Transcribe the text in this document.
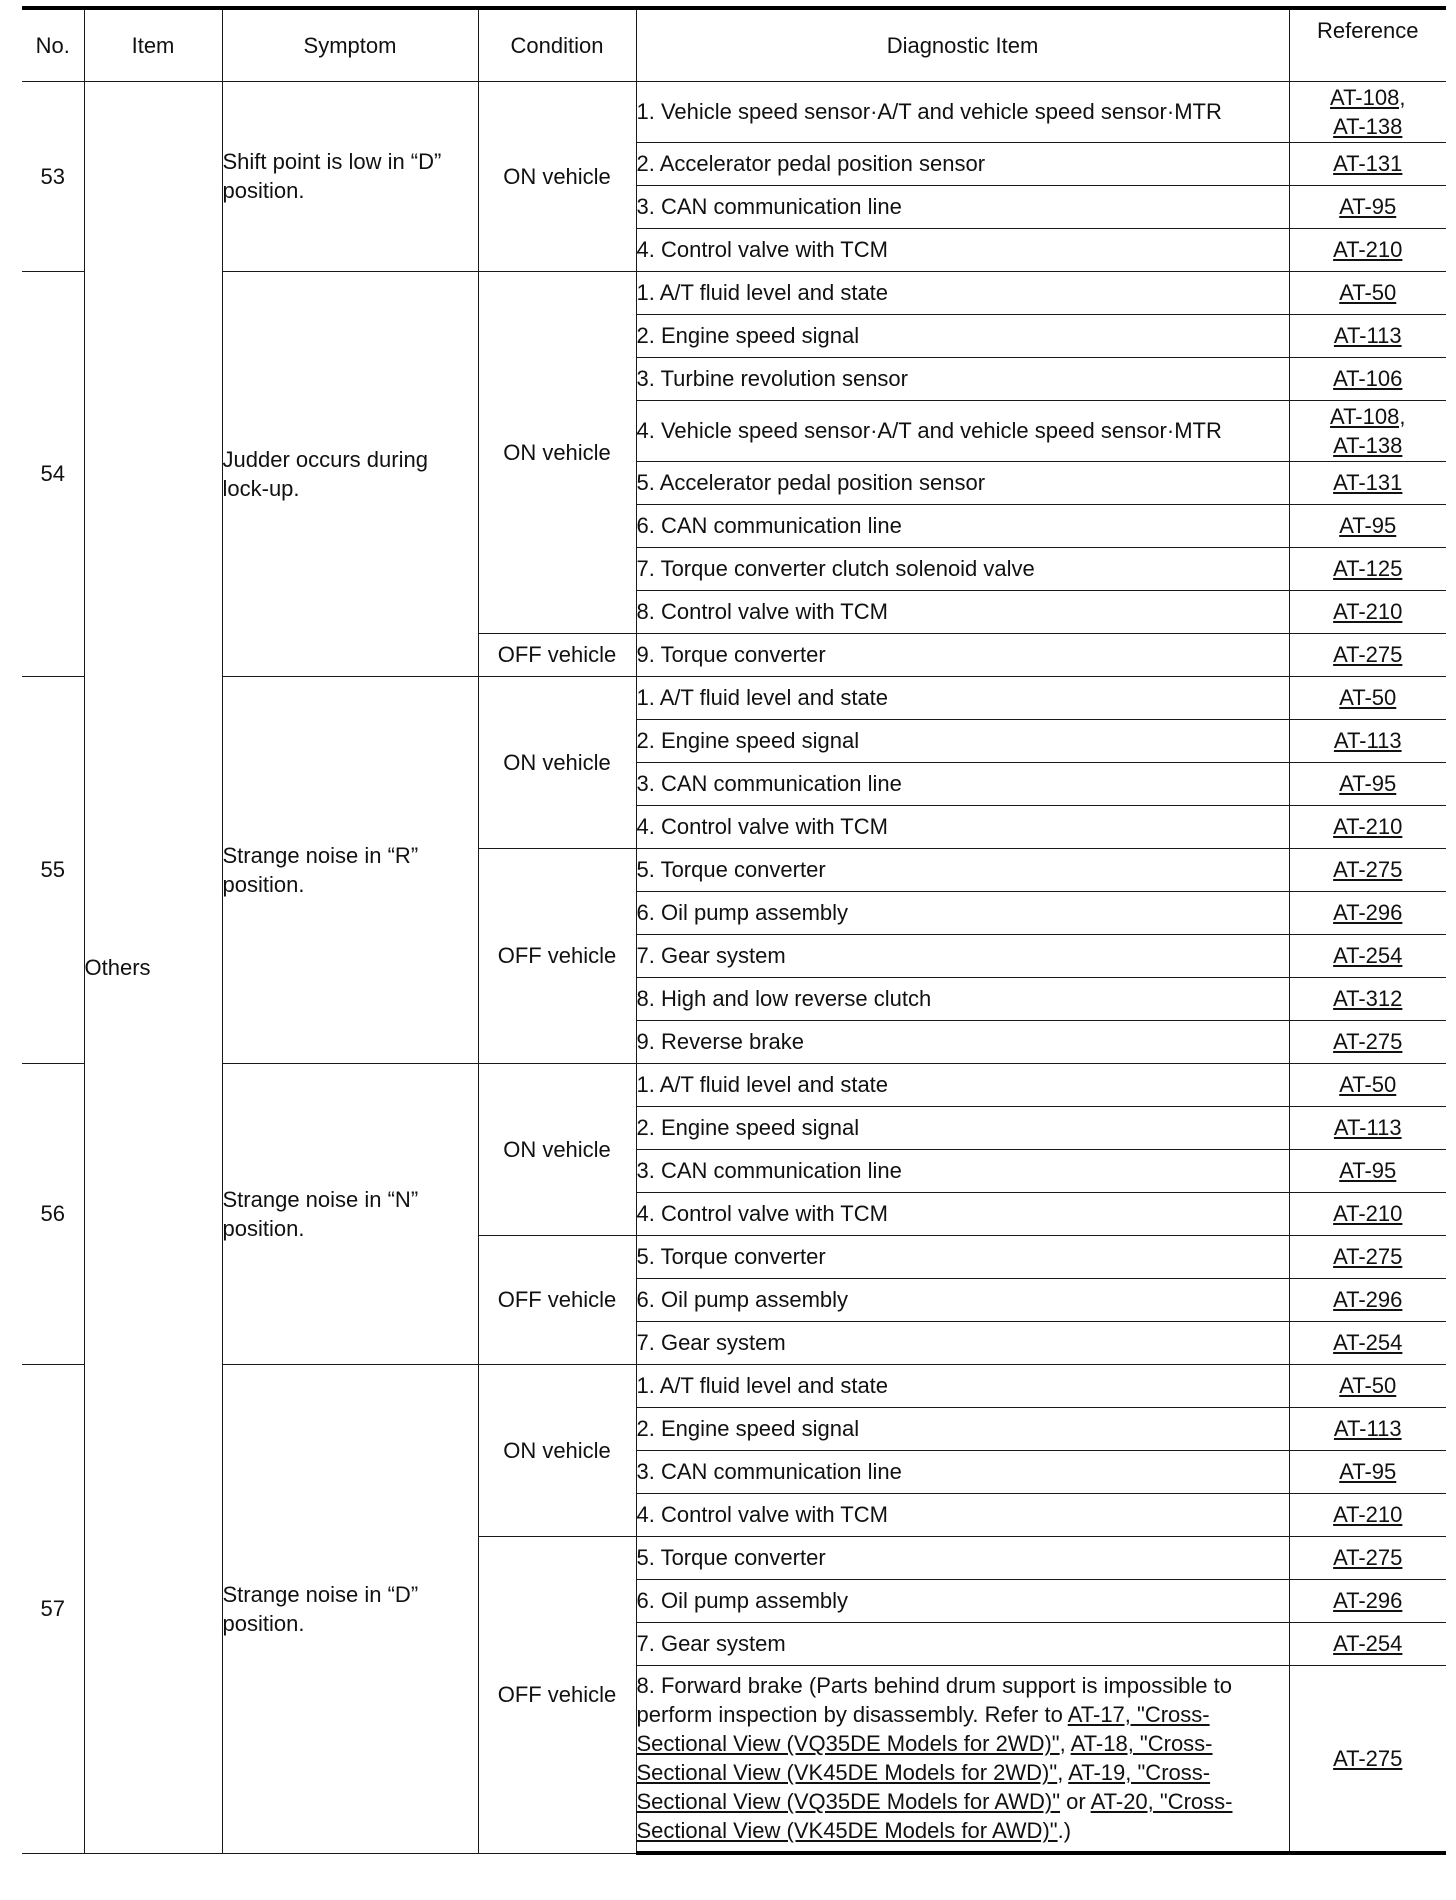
No.	Item	Symptom	Condition	Diagnostic Item	Reference
53	Others	Shift point is low in “D” position.	ON vehicle	1. Vehicle speed sensor·A/T and vehicle speed sensor·MTR	AT-108,
AT-138

				2. Accelerator pedal position sensor	AT-131

				3. CAN communication line	AT-95

				4. Control valve with TCM	AT-210

54		Judder occurs during lock-up.	ON vehicle	1. A/T fluid level and state	AT-50

				2. Engine speed signal	AT-113

				3. Turbine revolution sensor	AT-106

				4. Vehicle speed sensor·A/T and vehicle speed sensor·MTR	AT-108,
AT-138

				5. Accelerator pedal position sensor	AT-131

				6. CAN communication line	AT-95

				7. Torque converter clutch solenoid valve	AT-125

				8. Control valve with TCM	AT-210

			OFF vehicle	9. Torque converter	AT-275

55		Strange noise in “R” position.	ON vehicle	1. A/T fluid level and state	AT-50

				2. Engine speed signal	AT-113

				3. CAN communication line	AT-95

				4. Control valve with TCM	AT-210

			OFF vehicle	5. Torque converter	AT-275

				6. Oil pump assembly	AT-296

				7. Gear system	AT-254

				8. High and low reverse clutch	AT-312

				9. Reverse brake	AT-275

56		Strange noise in “N” position.	ON vehicle	1. A/T fluid level and state	AT-50

				2. Engine speed signal	AT-113

				3. CAN communication line	AT-95

				4. Control valve with TCM	AT-210

			OFF vehicle	5. Torque converter	AT-275

				6. Oil pump assembly	AT-296

				7. Gear system	AT-254

57		Strange noise in “D” position.	ON vehicle	1. A/T fluid level and state	AT-50

				2. Engine speed signal	AT-113

				3. CAN communication line	AT-95

				4. Control valve with TCM	AT-210

			OFF vehicle	5. Torque converter	AT-275

				6. Oil pump assembly	AT-296

				7. Gear system	AT-254

				8. Forward brake (Parts behind drum support is impossible to perform inspection by disassembly. Refer to AT-17, "Cross-Sectional View (VQ35DE Models for 2WD)", AT-18, "Cross-Sectional View (VK45DE Models for 2WD)", AT-19, "Cross-Sectional View (VQ35DE Models for AWD)" or AT-20, "Cross-Sectional View (VK45DE Models for AWD)".)	AT-275
